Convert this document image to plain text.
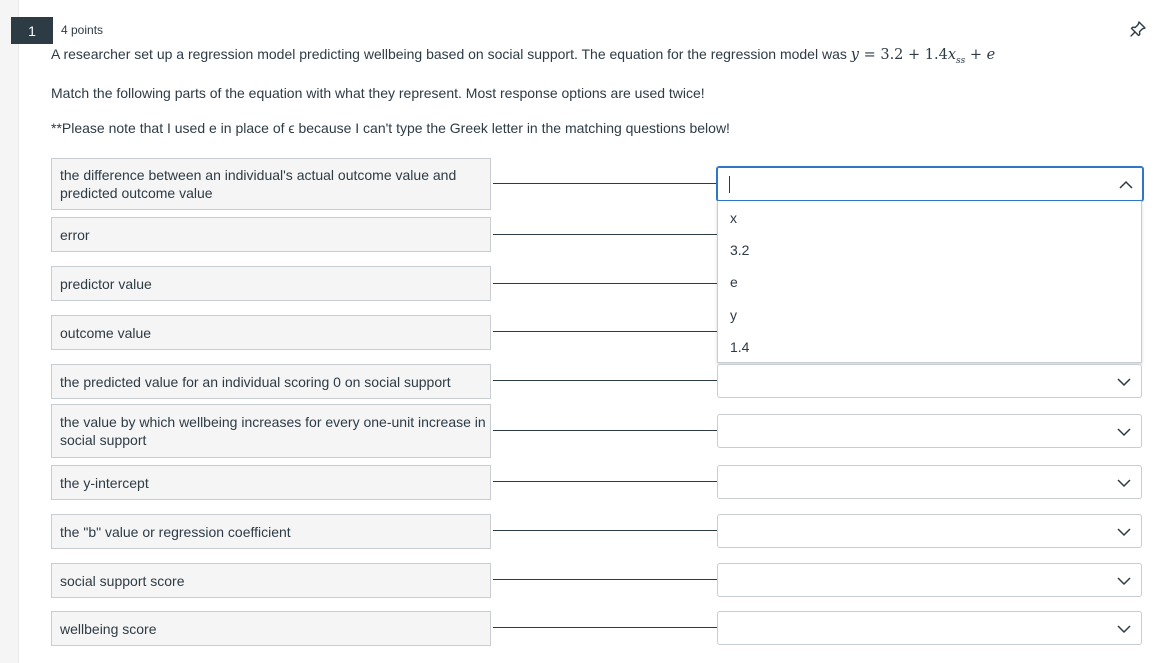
1	4 points
A researcher set up a regression model predicting wellbeing based on social support. The equation for the regression model was $y = 3.2 + 1.4x_{ss} + e$
Match the following parts of the equation with what they represent. Most response options are used twice!
**Please note that I used e in place of ϵ because I can't type the Greek letter in the matching questions below!
the difference between an individual's actual outcome value and predicted outcome value
error
predictor value
outcome value
the predicted value for an individual scoring 0 on social support
the value by which wellbeing increases for every one-unit increase in social support
the y-intercept
the "b" value or regression coefficient
social support score
wellbeing score
x
3.2
e
y
1.4
